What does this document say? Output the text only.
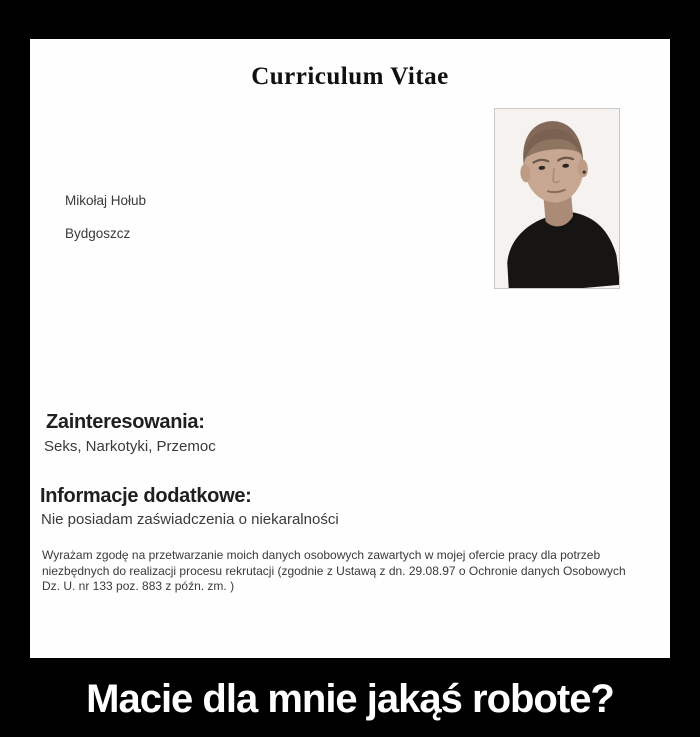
Curriculum Vitae
Mikołaj Hołub
Bydgoszcz
Zainteresowania:
Seks, Narkotyki, Przemoc
Informacje dodatkowe:
Nie posiadam zaświadczenia o niekaralności
Wyrażam zgodę na przetwarzanie moich danych osobowych zawartych w mojej ofercie pracy dla potrzeb
niezbędnych do realizacji procesu rekrutacji (zgodnie z Ustawą z dn. 29.08.97 o Ochronie danych Osobowych
Dz. U. nr 133 poz. 883 z późn. zm. )
Macie dla mnie jakąś robote?
